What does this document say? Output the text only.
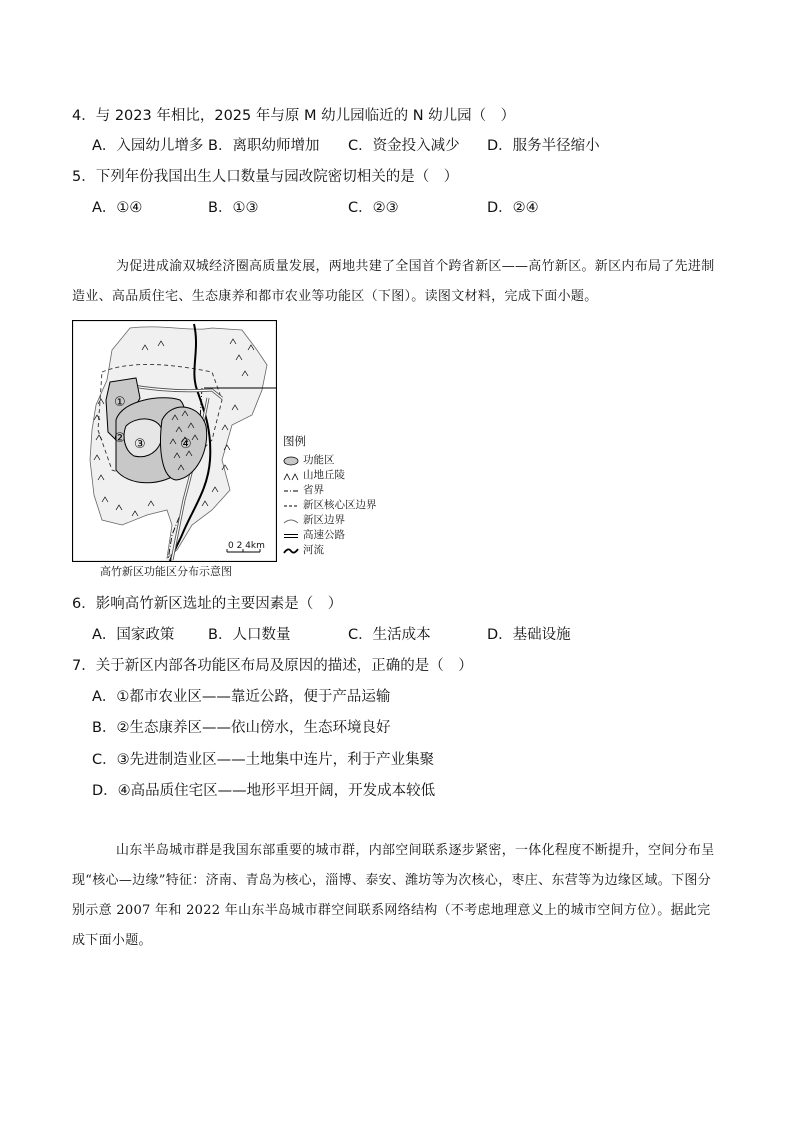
4．与 2023 年相比，2025 年与原 M 幼儿园临近的 N 幼儿园（　）
A．入园幼儿增多 B．离职幼师增加 C．资金投入减少 D．服务半径缩小
5．下列年份我国出生人口数量与园改院密切相关的是（　）
A．①④	B．①③	C．②③	D．②④
为促进成渝双城经济圈高质量发展，两地共建了全国首个跨省新区——高竹新区。新区内布局了先进制造业、高品质住宅、生态康养和都市农业等功能区（下图）。读图文材料，完成下面小题。
①
② ③	④
0 2 4km
高竹新区功能区分布示意图
图例
功能区
山地丘陵
省界
新区核心区边界
新区边界
高速公路
河流
6．影响高竹新区选址的主要因素是（　）
A．国家政策 B．人口数量	C．生活成本	D．基础设施
7．关于新区内部各功能区布局及原因的描述，正确的是（　）
A．①都市农业区——靠近公路，便于产品运输
B．②生态康养区——依山傍水，生态环境良好
C．③先进制造业区——土地集中连片，利于产业集聚
D．④高品质住宅区——地形平坦开阔，开发成本较低
山东半岛城市群是我国东部重要的城市群，内部空间联系逐步紧密，一体化程度不断提升，空间分布呈现“核心—边缘”特征：济南、青岛为核心，淄博、泰安、潍坊等为次核心，枣庄、东营等为边缘区域。下图分别示意 2007 年和 2022 年山东半岛城市群空间联系网络结构（不考虑地理意义上的城市空间方位）。据此完成下面小题。
